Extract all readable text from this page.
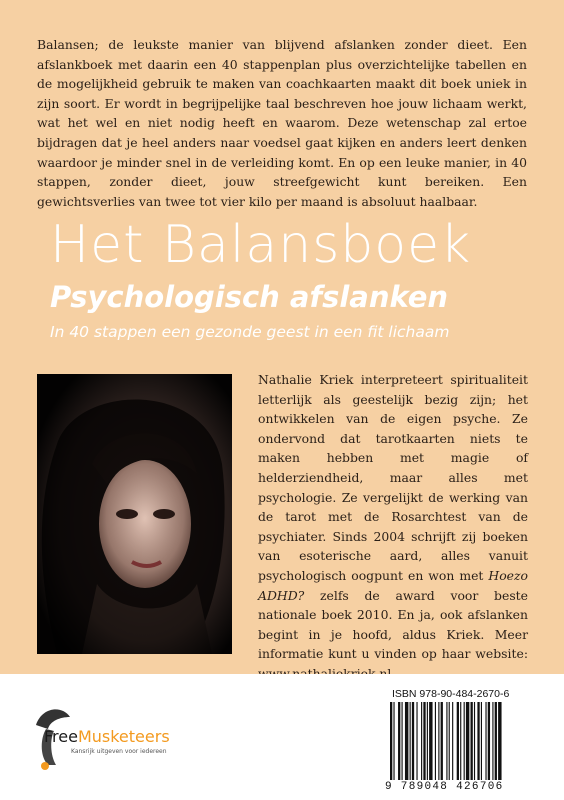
Balansen; de leukste manier van blijvend afslanken zonder dieet. Een afslankboek met daarin een 40 stappenplan plus overzichtelijke tabellen en de mogelijkheid gebruik te maken van coachkaarten maakt dit boek uniek in zijn soort. Er wordt in begrijpelijke taal beschreven hoe jouw lichaam werkt, wat het wel en niet nodig heeft en waarom. Deze wetenschap zal ertoe bijdragen dat je heel anders naar voedsel gaat kijken en anders leert denken waardoor je minder snel in de verleiding komt. En op een leuke manier, in 40 stappen, zonder dieet, jouw streefgewicht kunt bereiken. Een gewichtsverlies van twee tot vier kilo per maand is absoluut haalbaar.

Het Balansboek
Psychologisch afslanken

In 40 stappen een gezonde geest in een fit lichaam

Nathalie Kriek interpreteert spiritualiteit letterlijk als geestelijk bezig zijn; het ontwikkelen van de eigen psyche. Ze ondervond dat tarotkaarten niets te maken hebben met magie of helderziendheid, maar alles met psychologie. Ze vergelijkt de werking van de tarot met de Rosarchtest van de psychiater. Sinds 2004 schrijft zij boeken van esoterische aard, alles vanuit psychologisch oogpunt en won met Hoezo ADHD? zelfs de award voor beste nationale boek 2010. En ja, ook afslanken begint in je hoofd, aldus Kriek. Meer informatie kunt u vinden op haar website:

FreeMusketeers
Kansrijk uitgeven voor iedereen

ISBN 978-90-484-2670-6

9 789048 426706
